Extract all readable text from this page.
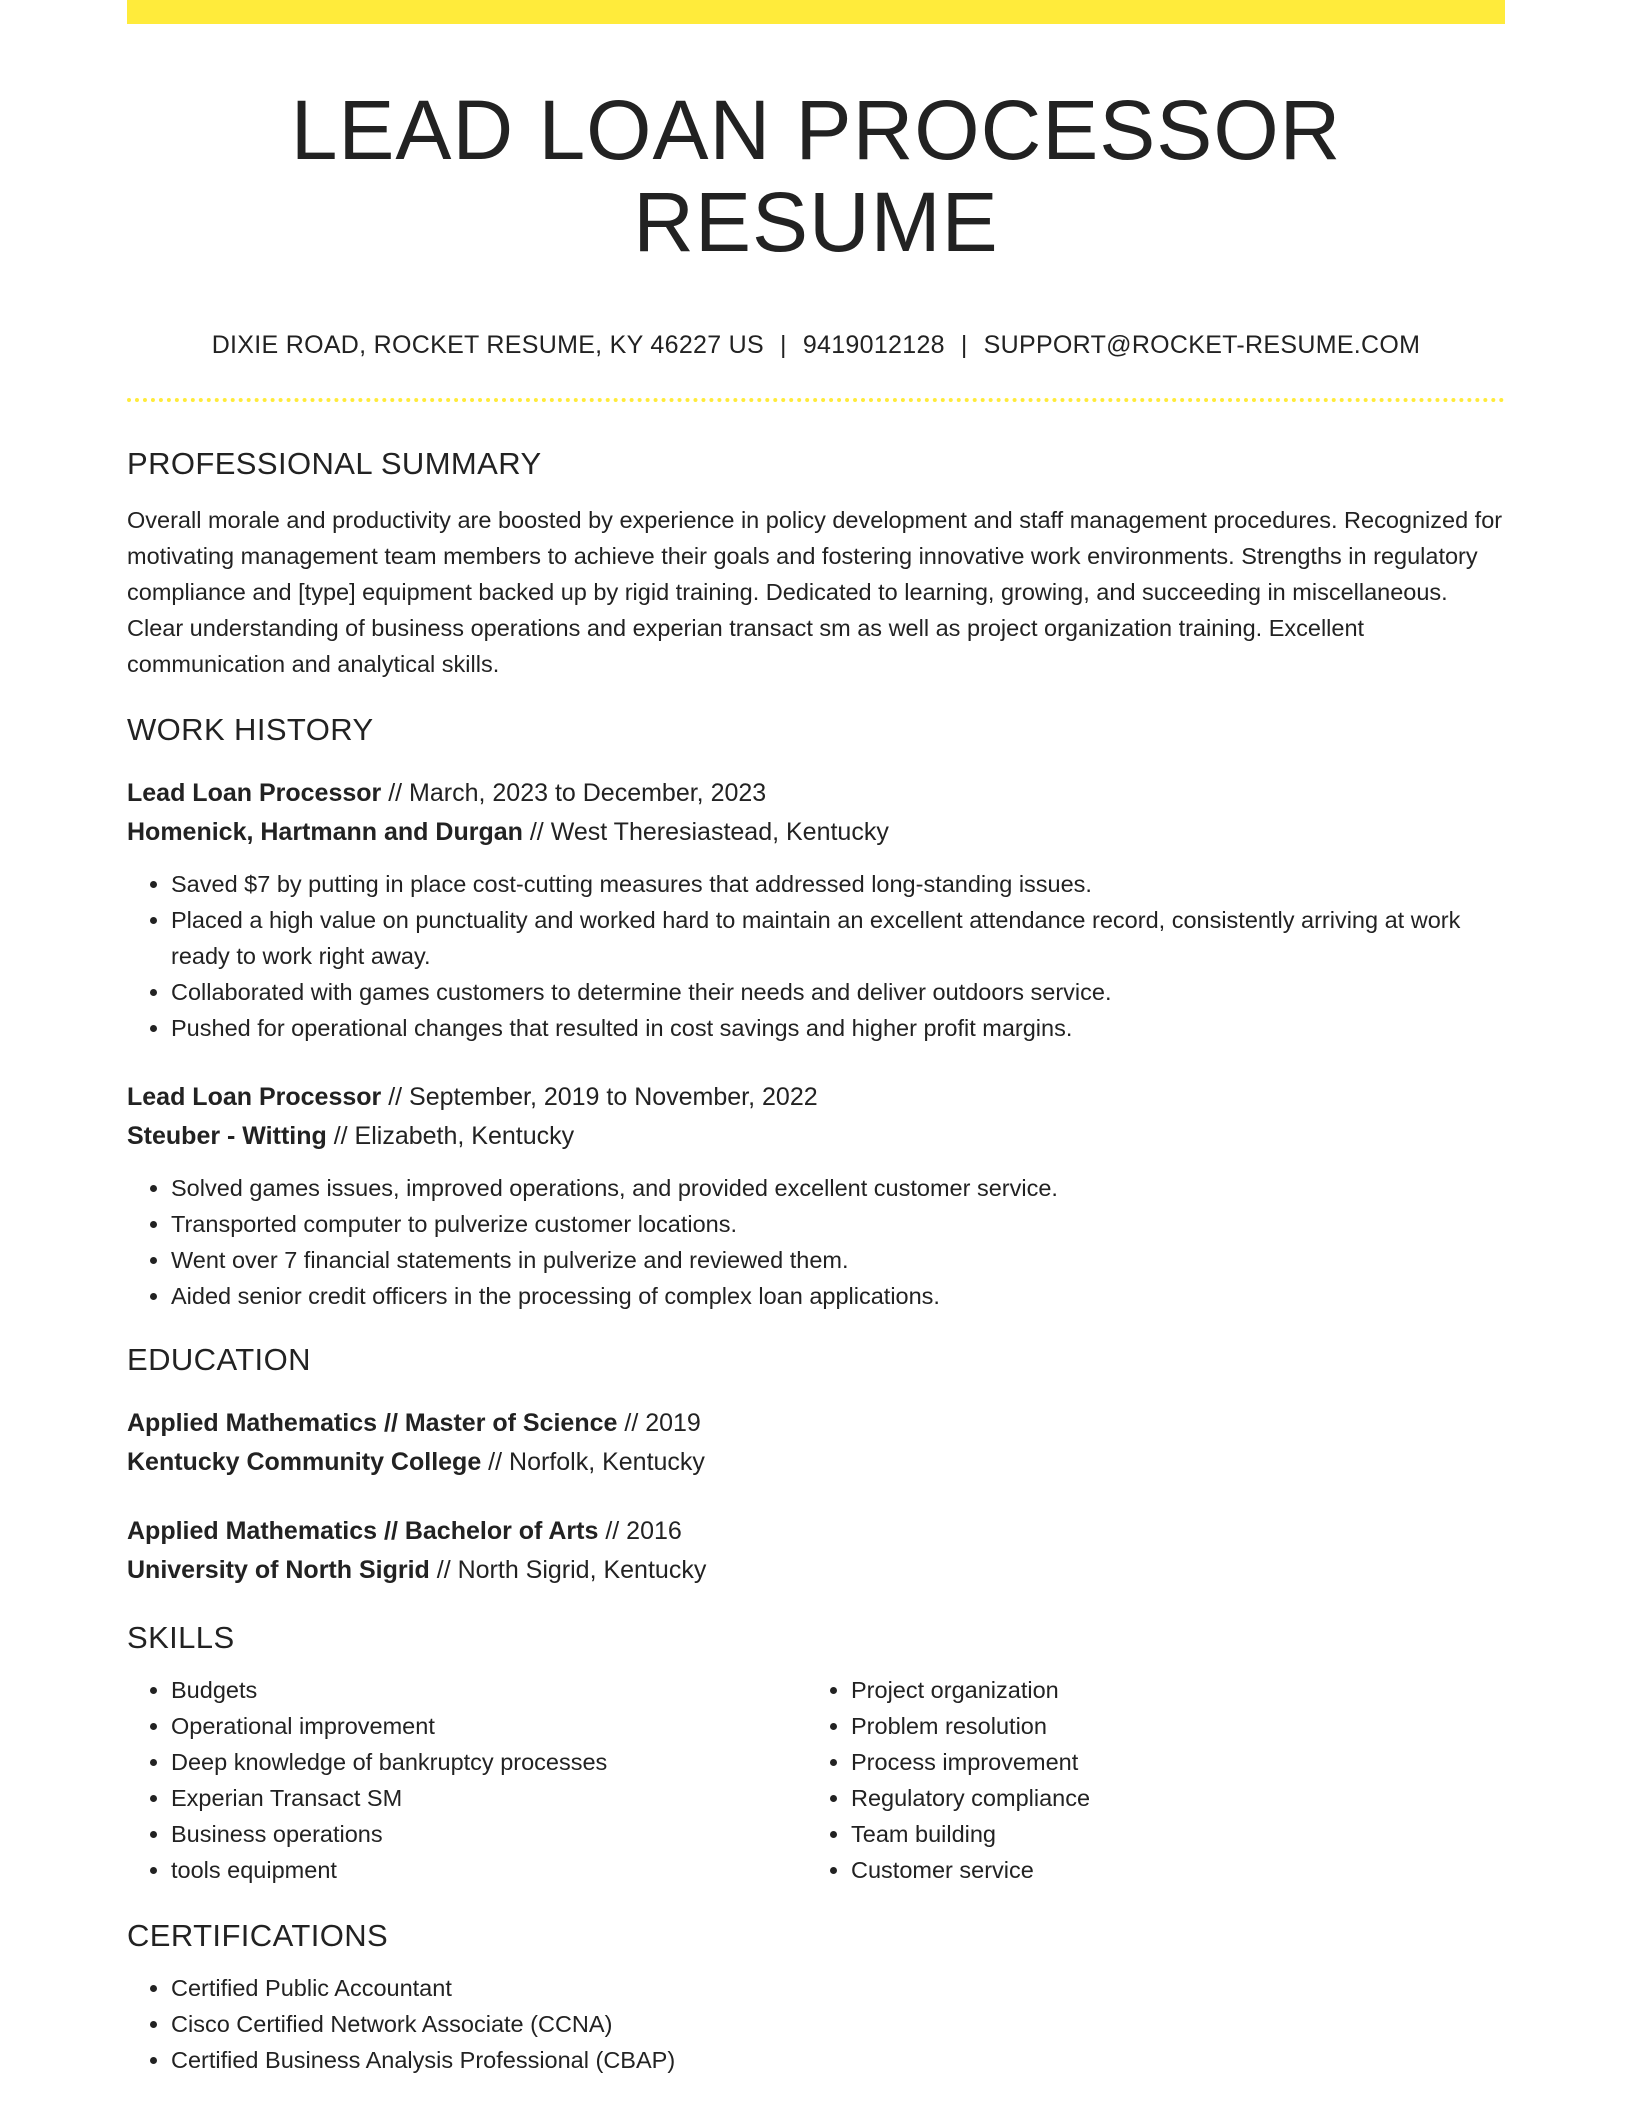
LEAD LOAN PROCESSOR RESUME
DIXIE ROAD, ROCKET RESUME, KY 46227 US | 9419012128 | SUPPORT@ROCKET-RESUME.COM
PROFESSIONAL SUMMARY

Overall morale and productivity are boosted by experience in policy development and staff management procedures. Recognized for motivating management team members to achieve their goals and fostering innovative work environments. Strengths in regulatory compliance and [type] equipment backed up by rigid training. Dedicated to learning, growing, and succeeding in miscellaneous. Clear understanding of business operations and experian transact sm as well as project organization training. Excellent communication and analytical skills.

WORK HISTORY
Lead Loan Processor // March, 2023 to December, 2023
Homenick, Hartmann and Durgan // West Theresiastead, Kentucky
• Saved $7 by putting in place cost-cutting measures that addressed long-standing issues.
• Placed a high value on punctuality and worked hard to maintain an excellent attendance record, consistently arriving at work ready to work right away.
• Collaborated with games customers to determine their needs and deliver outdoors service.
• Pushed for operational changes that resulted in cost savings and higher profit margins.
Lead Loan Processor // September, 2019 to November, 2022
Steuber - Witting // Elizabeth, Kentucky
• Solved games issues, improved operations, and provided excellent customer service.
• Transported computer to pulverize customer locations.
• Went over 7 financial statements in pulverize and reviewed them.
• Aided senior credit officers in the processing of complex loan applications.
EDUCATION
Applied Mathematics // Master of Science // 2019
Kentucky Community College // Norfolk, Kentucky
Applied Mathematics // Bachelor of Arts // 2016
University of North Sigrid // North Sigrid, Kentucky
SKILLS
• Budgets
• Operational improvement
• Deep knowledge of bankruptcy processes
• Experian Transact SM
• Business operations
• tools equipment
• Project organization
• Problem resolution
• Process improvement
• Regulatory compliance
• Team building
• Customer service
CERTIFICATIONS
• Certified Public Accountant
• Cisco Certified Network Associate (CCNA)
• Certified Business Analysis Professional (CBAP)
